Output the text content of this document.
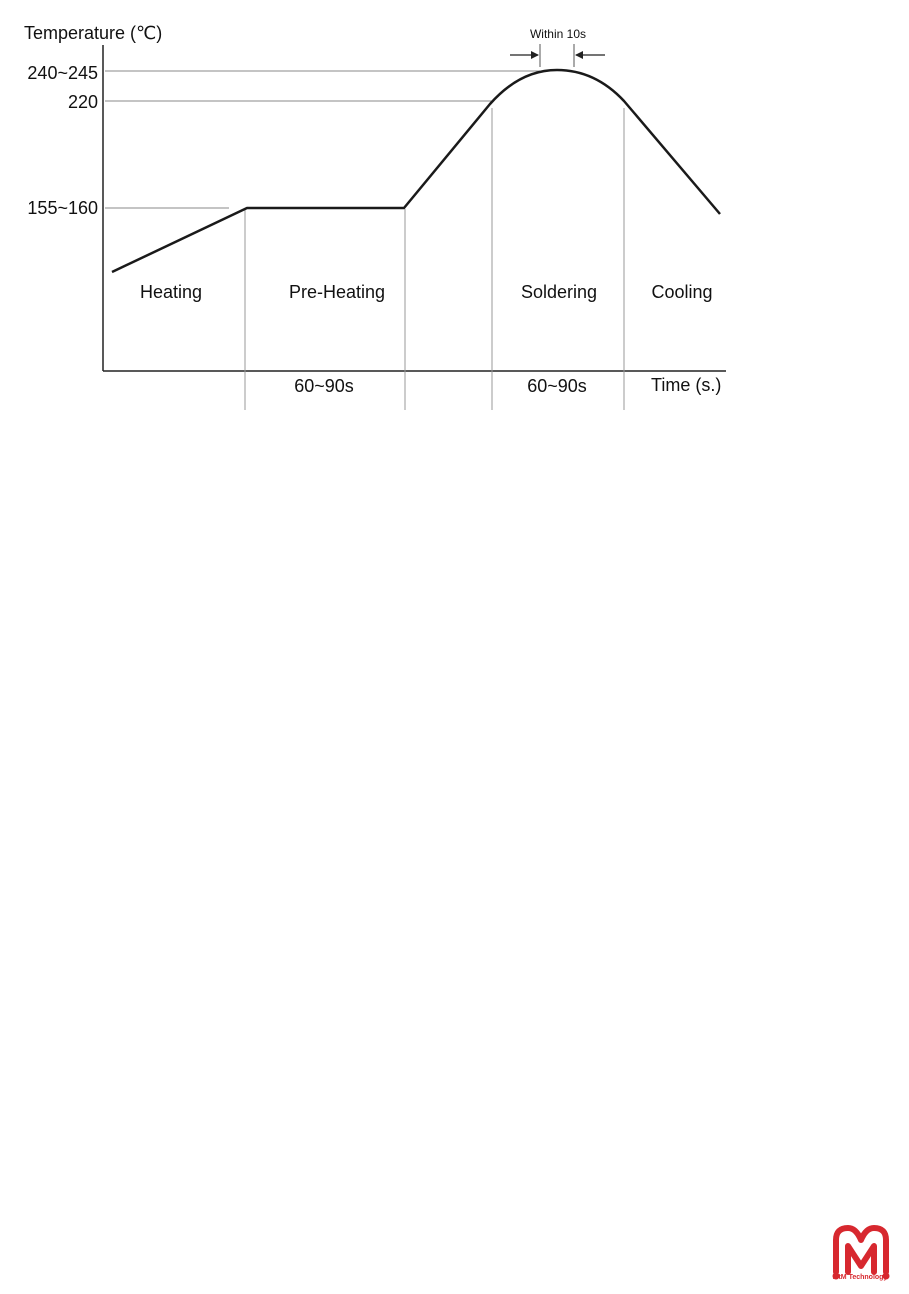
Temperature (℃)
Time (s.)
240~245
220
155~160
Heating	Pre-Heating	Soldering	Cooling
60~90s	60~90s
Within 10s
MtM Technology
